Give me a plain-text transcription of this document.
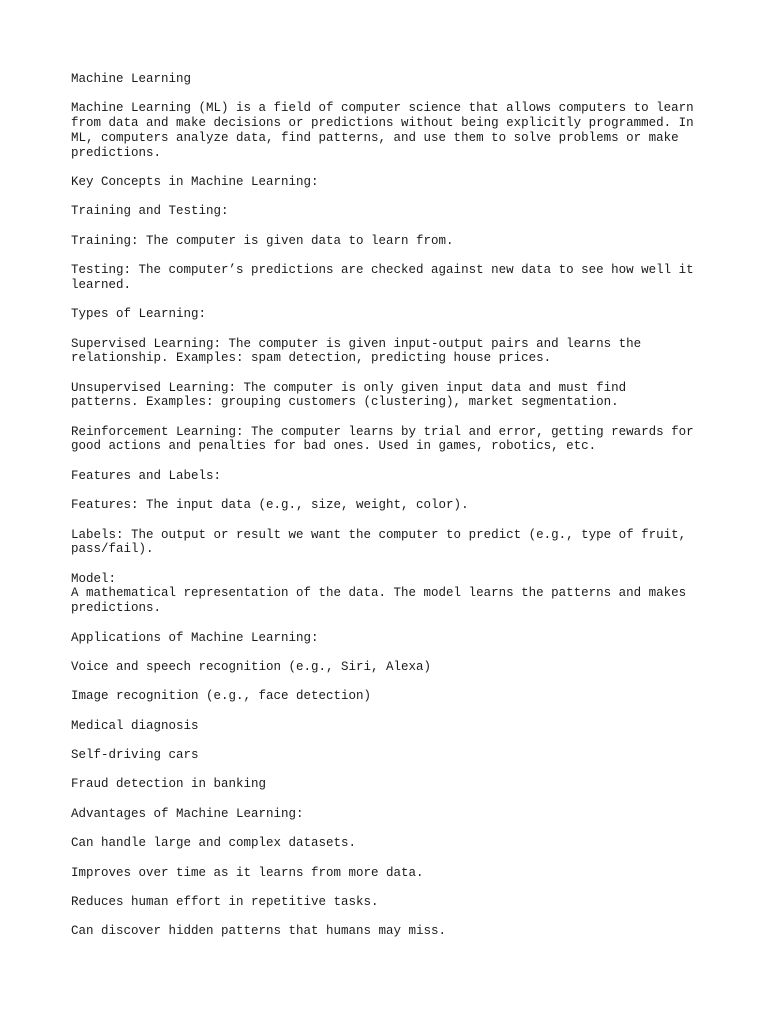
Machine Learning
Machine Learning (ML) is a field of computer science that allows computers to learn
from data and make decisions or predictions without being explicitly programmed. In
ML, computers analyze data, find patterns, and use them to solve problems or make
predictions.
Key Concepts in Machine Learning:
Training and Testing:
Training: The computer is given data to learn from.
Testing: The computer’s predictions are checked against new data to see how well it
learned.
Types of Learning:
Supervised Learning: The computer is given input-output pairs and learns the
relationship. Examples: spam detection, predicting house prices.
Unsupervised Learning: The computer is only given input data and must find
patterns. Examples: grouping customers (clustering), market segmentation.
Reinforcement Learning: The computer learns by trial and error, getting rewards for
good actions and penalties for bad ones. Used in games, robotics, etc.
Features and Labels:
Features: The input data (e.g., size, weight, color).
Labels: The output or result we want the computer to predict (e.g., type of fruit,
pass/fail).
Model:
A mathematical representation of the data. The model learns the patterns and makes
predictions.
Applications of Machine Learning:
Voice and speech recognition (e.g., Siri, Alexa)
Image recognition (e.g., face detection)
Medical diagnosis
Self-driving cars
Fraud detection in banking
Advantages of Machine Learning:
Can handle large and complex datasets.
Improves over time as it learns from more data.
Reduces human effort in repetitive tasks.
Can discover hidden patterns that humans may miss.
